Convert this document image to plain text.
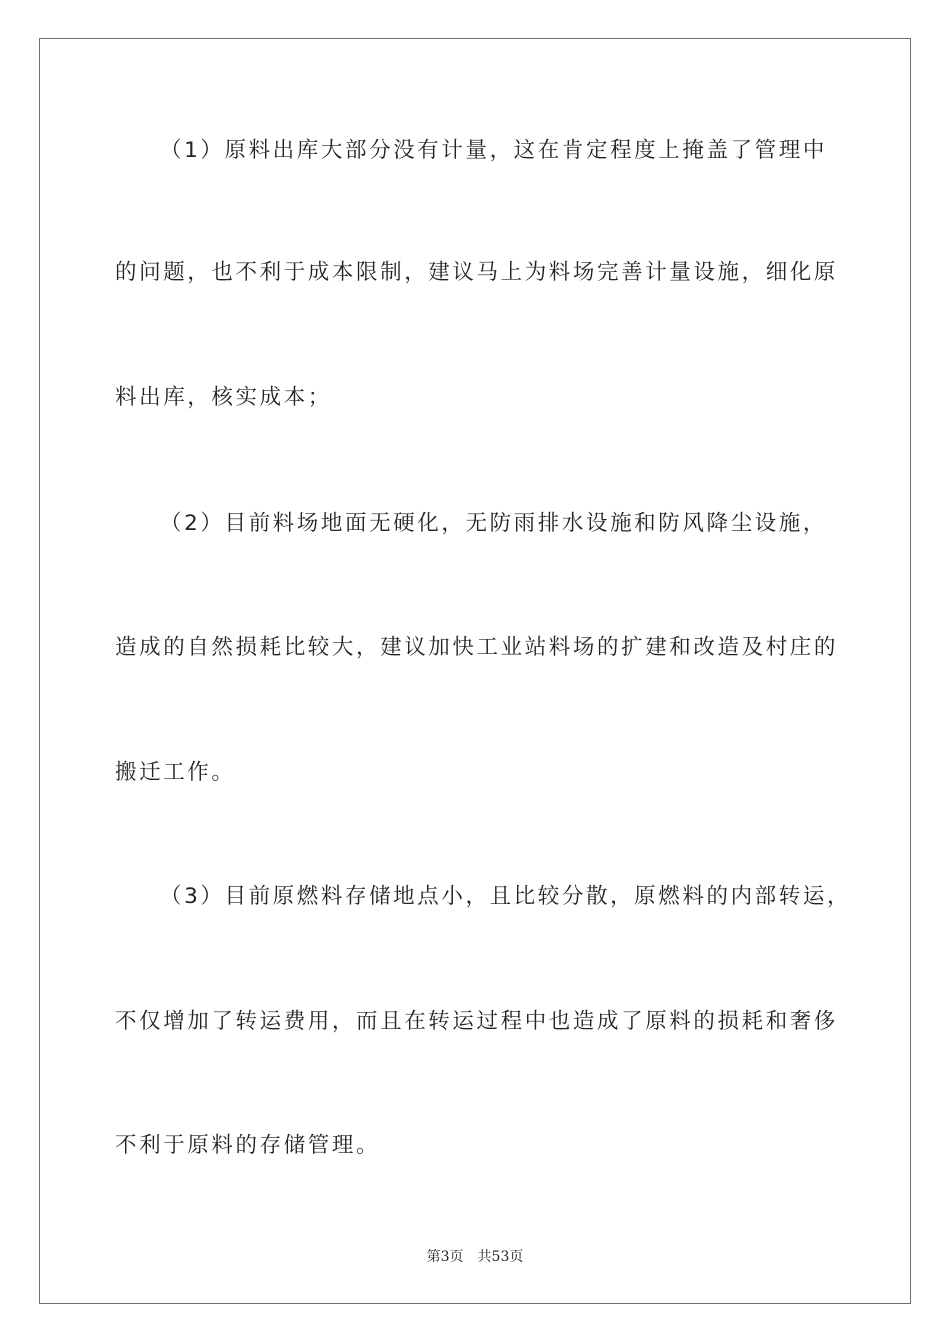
（1）原料出库大部分没有计量，这在肯定程度上掩盖了管理中
的问题，也不利于成本限制，建议马上为料场完善计量设施，细化原
料出库，核实成本；
（2）目前料场地面无硬化，无防雨排水设施和防风降尘设施，
造成的自然损耗比较大，建议加快工业站料场的扩建和改造及村庄的
搬迁工作。
（3）目前原燃料存储地点小，且比较分散，原燃料的内部转运，
不仅增加了转运费用，而且在转运过程中也造成了原料的损耗和奢侈
不利于原料的存储管理。
第3页 共53页
